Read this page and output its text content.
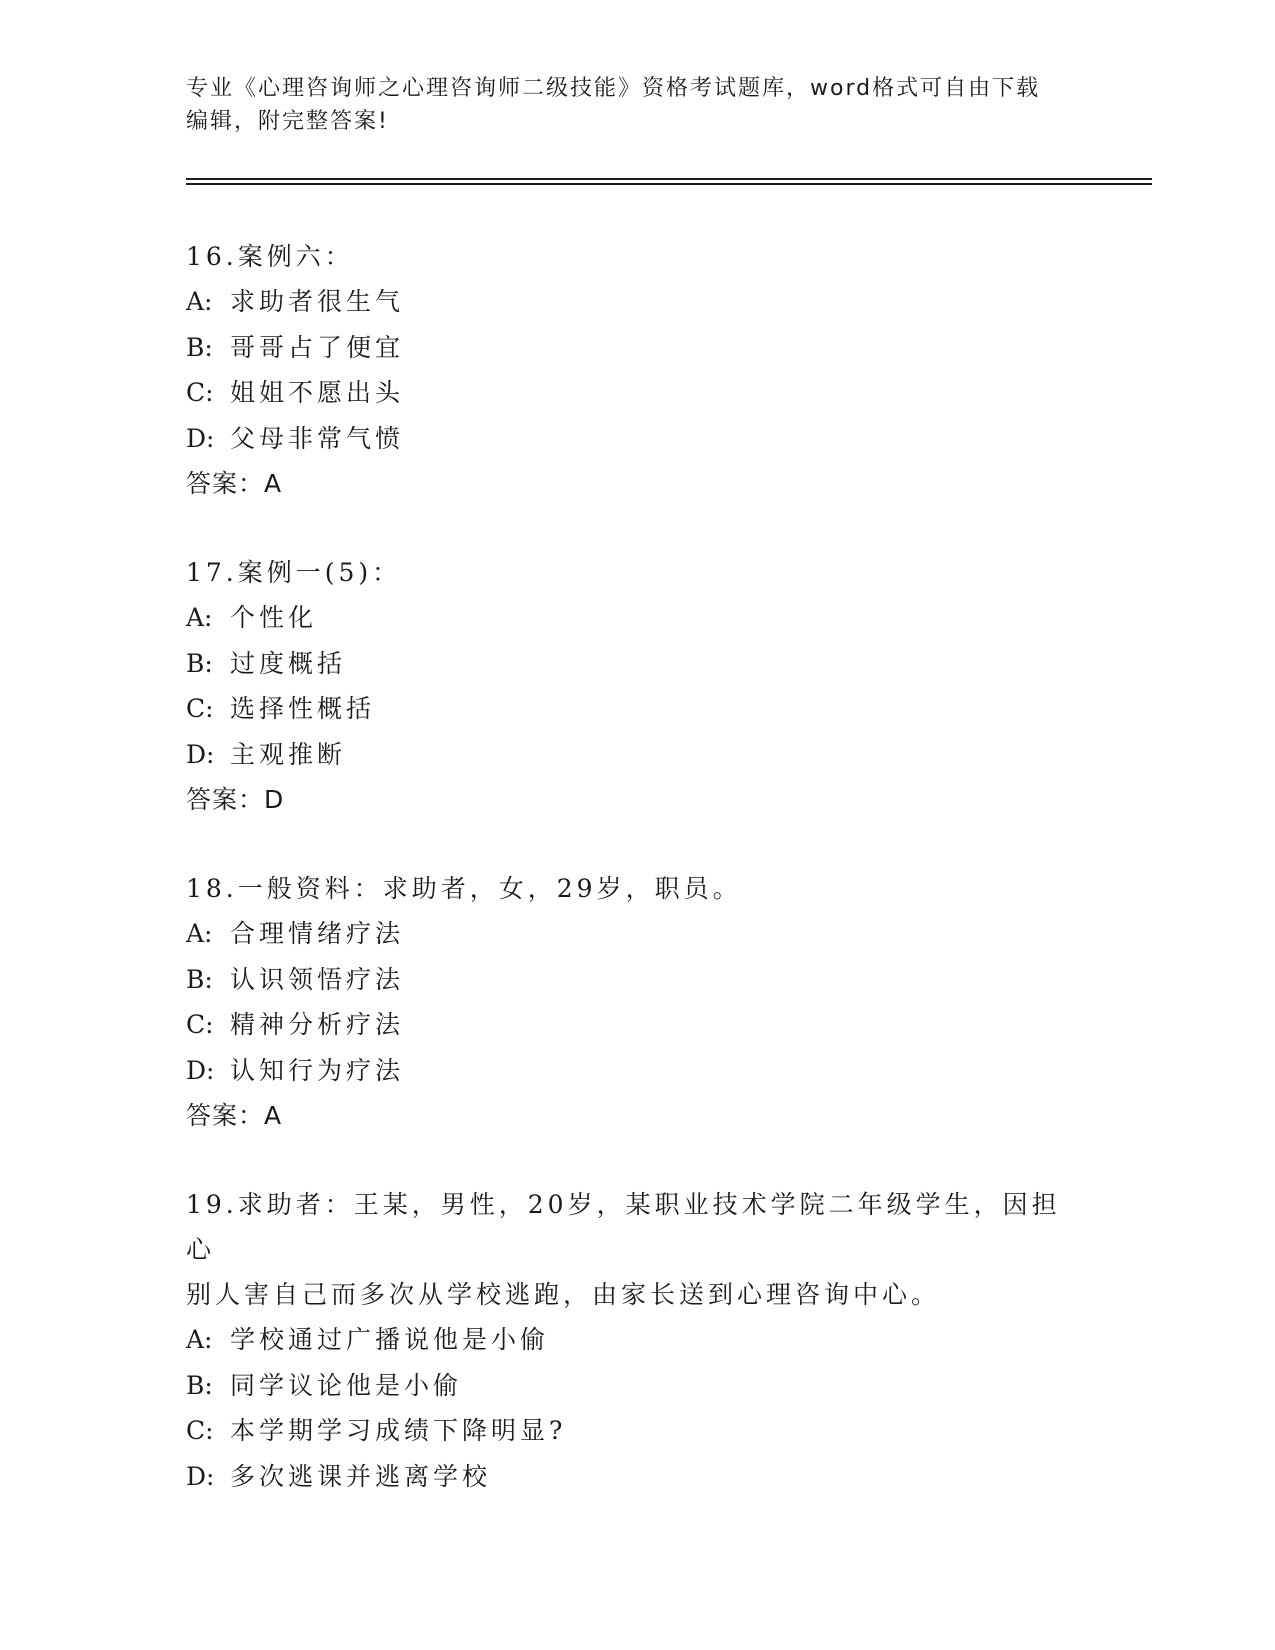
专业《心理咨询师之心理咨询师二级技能》资格考试题库，word格式可自由下载
编辑，附完整答案!
16.案例六：
A: 求助者很生气
B: 哥哥占了便宜
C: 姐姐不愿出头
D: 父母非常气愤
答案：A
17.案例一(5)：
A: 个性化
B: 过度概括
C: 选择性概括
D: 主观推断
答案：D
18.一般资料：求助者，女，29岁，职员。
A: 合理情绪疗法
B: 认识领悟疗法
C: 精神分析疗法
D: 认知行为疗法
答案：A
19.求助者：王某，男性，20岁，某职业技术学院二年级学生，因担心
别人害自己而多次从学校逃跑，由家长送到心理咨询中心。
A: 学校通过广播说他是小偷
B: 同学议论他是小偷
C: 本学期学习成绩下降明显?
D: 多次逃课并逃离学校
